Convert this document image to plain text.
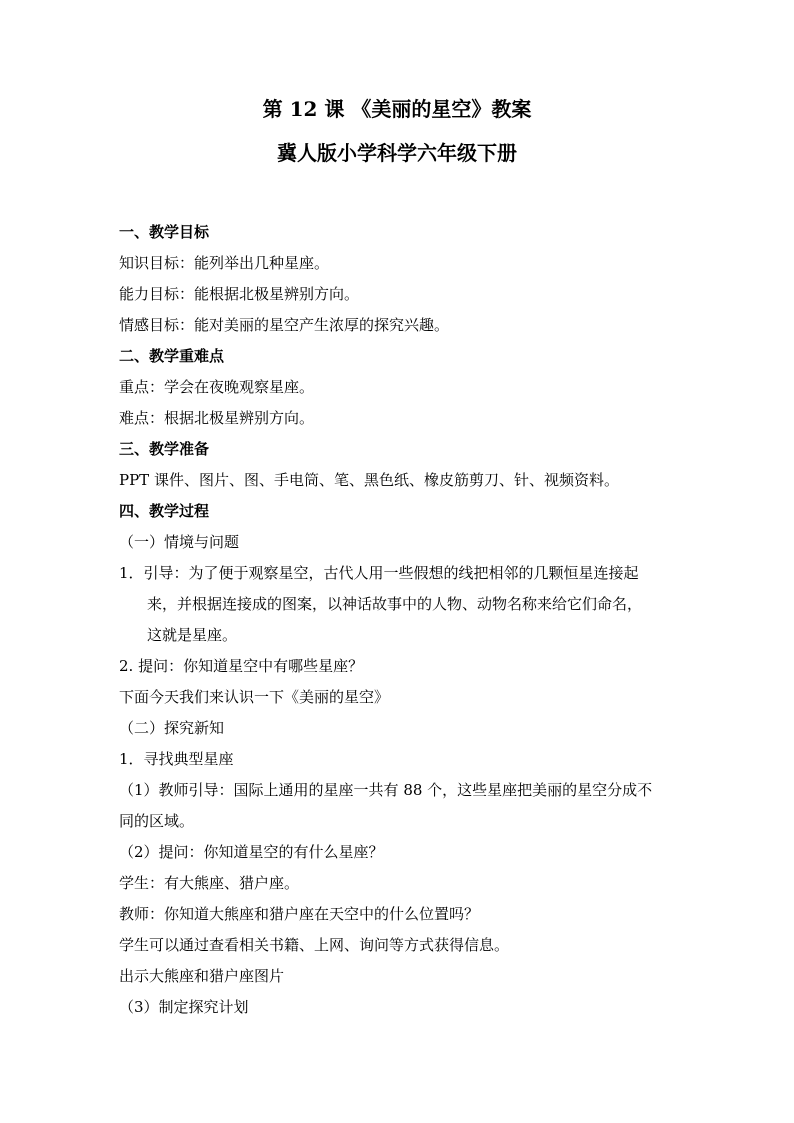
第 12 课 《美丽的星空》教案
冀人版小学科学六年级下册
一、教学目标
知识目标：能列举出几种星座。
能力目标：能根据北极星辨别方向。
情感目标：能对美丽的星空产生浓厚的探究兴趣。
二、教学重难点
重点：学会在夜晚观察星座。
难点：根据北极星辨别方向。
三、教学准备
PPT 课件、图片、图、手电筒、笔、黑色纸、橡皮筋剪刀、针、视频资料。
四、教学过程
（一）情境与问题
1．引导：为了便于观察星空，古代人用一些假想的线把相邻的几颗恒星连接起
来，并根据连接成的图案，以神话故事中的人物、动物名称来给它们命名，
这就是星座。
2. 提问：你知道星空中有哪些星座？
下面今天我们来认识一下《美丽的星空》
（二）探究新知
1．寻找典型星座
（1）教师引导：国际上通用的星座一共有 88 个，这些星座把美丽的星空分成不
同的区域。
（2）提问：你知道星空的有什么星座？
学生：有大熊座、猎户座。
教师：你知道大熊座和猎户座在天空中的什么位置吗？
学生可以通过查看相关书籍、上网、询问等方式获得信息。
出示大熊座和猎户座图片
（3）制定探究计划
